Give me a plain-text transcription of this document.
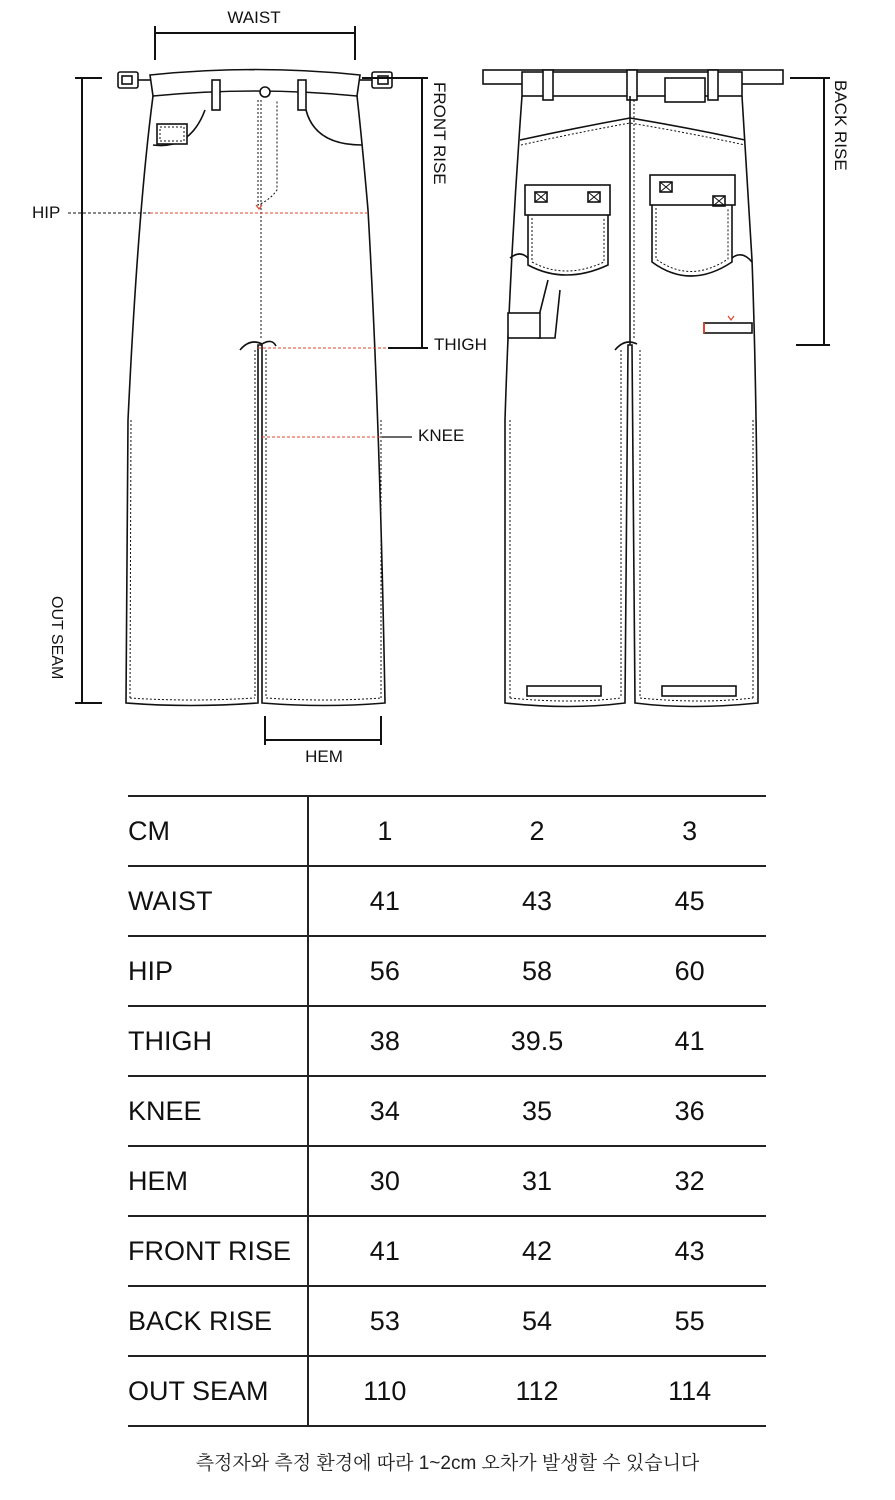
WAIST
OUT SEAM
HIP
FRONT RISE
THIGH
KNEE
HEM
BACK RISE
CM	1	2	3
WAIST	41	43	45
HIP	56	58	60
THIGH	38	39.5	41
KNEE	34	35	36
HEM	30	31	32
FRONT RISE	41	42	43
BACK RISE	53	54	55
OUT SEAM	110	112	114
측정자와 측정 환경에 따라 1~2cm 오차가 발생할 수 있습니다
